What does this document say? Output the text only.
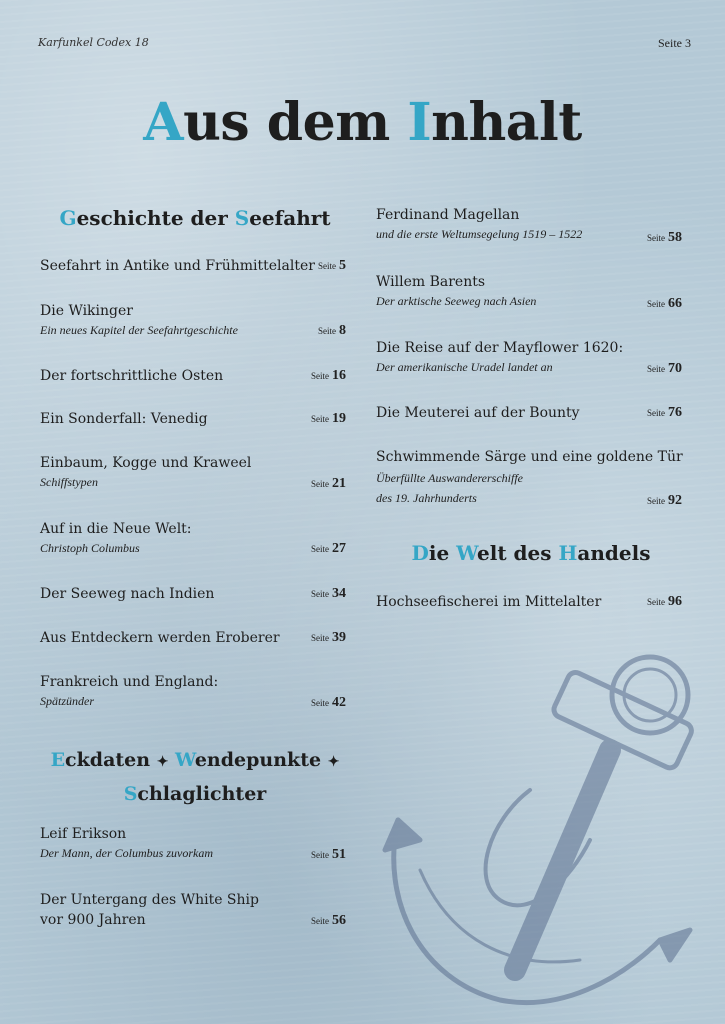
Karfunkel Codex 18	Seite 3
Aus dem Inhalt
Geschichte der Seefahrt
Seefahrt in Antike und Frühmittelalter Seite 5
Die Wikinger
Ein neues Kapitel der Seefahrtgeschichte	Seite 8
Der fortschrittliche Osten	Seite 16
Ein Sonderfall: Venedig	Seite 19
Einbaum, Kogge und Kraweel
Schiffstypen	Seite 21
Auf in die Neue Welt:
Christoph Columbus	Seite 27
Der Seeweg nach Indien	Seite 34
Aus Entdeckern werden Eroberer	Seite 39
Frankreich und England:
Spätzünder	Seite 42
Eckdaten ✦ Wendepunkte ✦
Schlaglichter
Leif Erikson
Der Mann, der Columbus zuvorkam	Seite 51
Der Untergang des White Ship
vor 900 Jahren	Seite 56
Ferdinand Magellan
und die erste Weltumsegelung 1519 – 1522	Seite 58
Willem Barents
Der arktische Seeweg nach Asien	Seite 66
Die Reise auf der Mayflower 1620:
Der amerikanische Uradel landet an	Seite 70
Die Meuterei auf der Bounty	Seite 76
Schwimmende Särge und eine goldene Tür
Überfüllte Auswandererschiffe
des 19. Jahrhunderts	Seite 92
Die Welt des Handels
Hochseefischerei im Mittelalter	Seite 96
